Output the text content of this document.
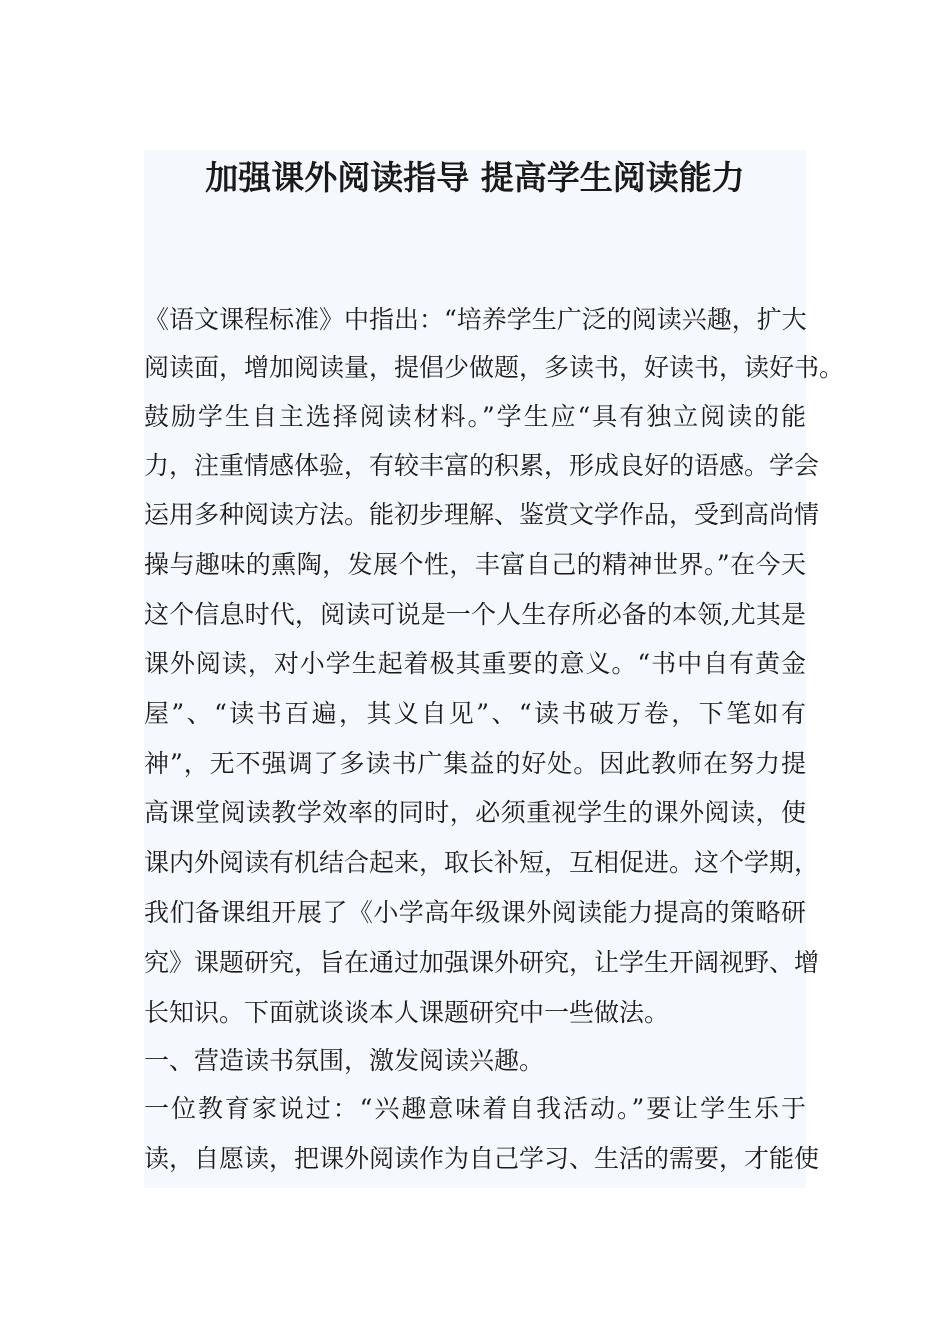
加强课外阅读指导 提高学生阅读能力
《语文课程标准》中指出：“培养学生广泛的阅读兴趣，扩大
阅读面，增加阅读量，提倡少做题，多读书，好读书，读好书。
鼓励学生自主选择阅读材料。”学生应“具有独立阅读的能
力，注重情感体验，有较丰富的积累，形成良好的语感。学会
运用多种阅读方法。能初步理解、鉴赏文学作品，受到高尚情
操与趣味的熏陶，发展个性，丰富自己的精神世界。”在今天
这个信息时代，阅读可说是一个人生存所必备的本领,尤其是
课外阅读，对小学生起着极其重要的意义。“书中自有黄金
屋”、“读书百遍，其义自见”、“读书破万卷，下笔如有
神”，无不强调了多读书广集益的好处。因此教师在努力提
高课堂阅读教学效率的同时，必须重视学生的课外阅读，使
课内外阅读有机结合起来，取长补短，互相促进。这个学期，
我们备课组开展了《小学高年级课外阅读能力提高的策略研
究》课题研究，旨在通过加强课外研究，让学生开阔视野、增
长知识。下面就谈谈本人课题研究中一些做法。
一、营造读书氛围，激发阅读兴趣。
一位教育家说过：“兴趣意味着自我活动。”要让学生乐于
读，自愿读，把课外阅读作为自己学习、生活的需要，才能使
